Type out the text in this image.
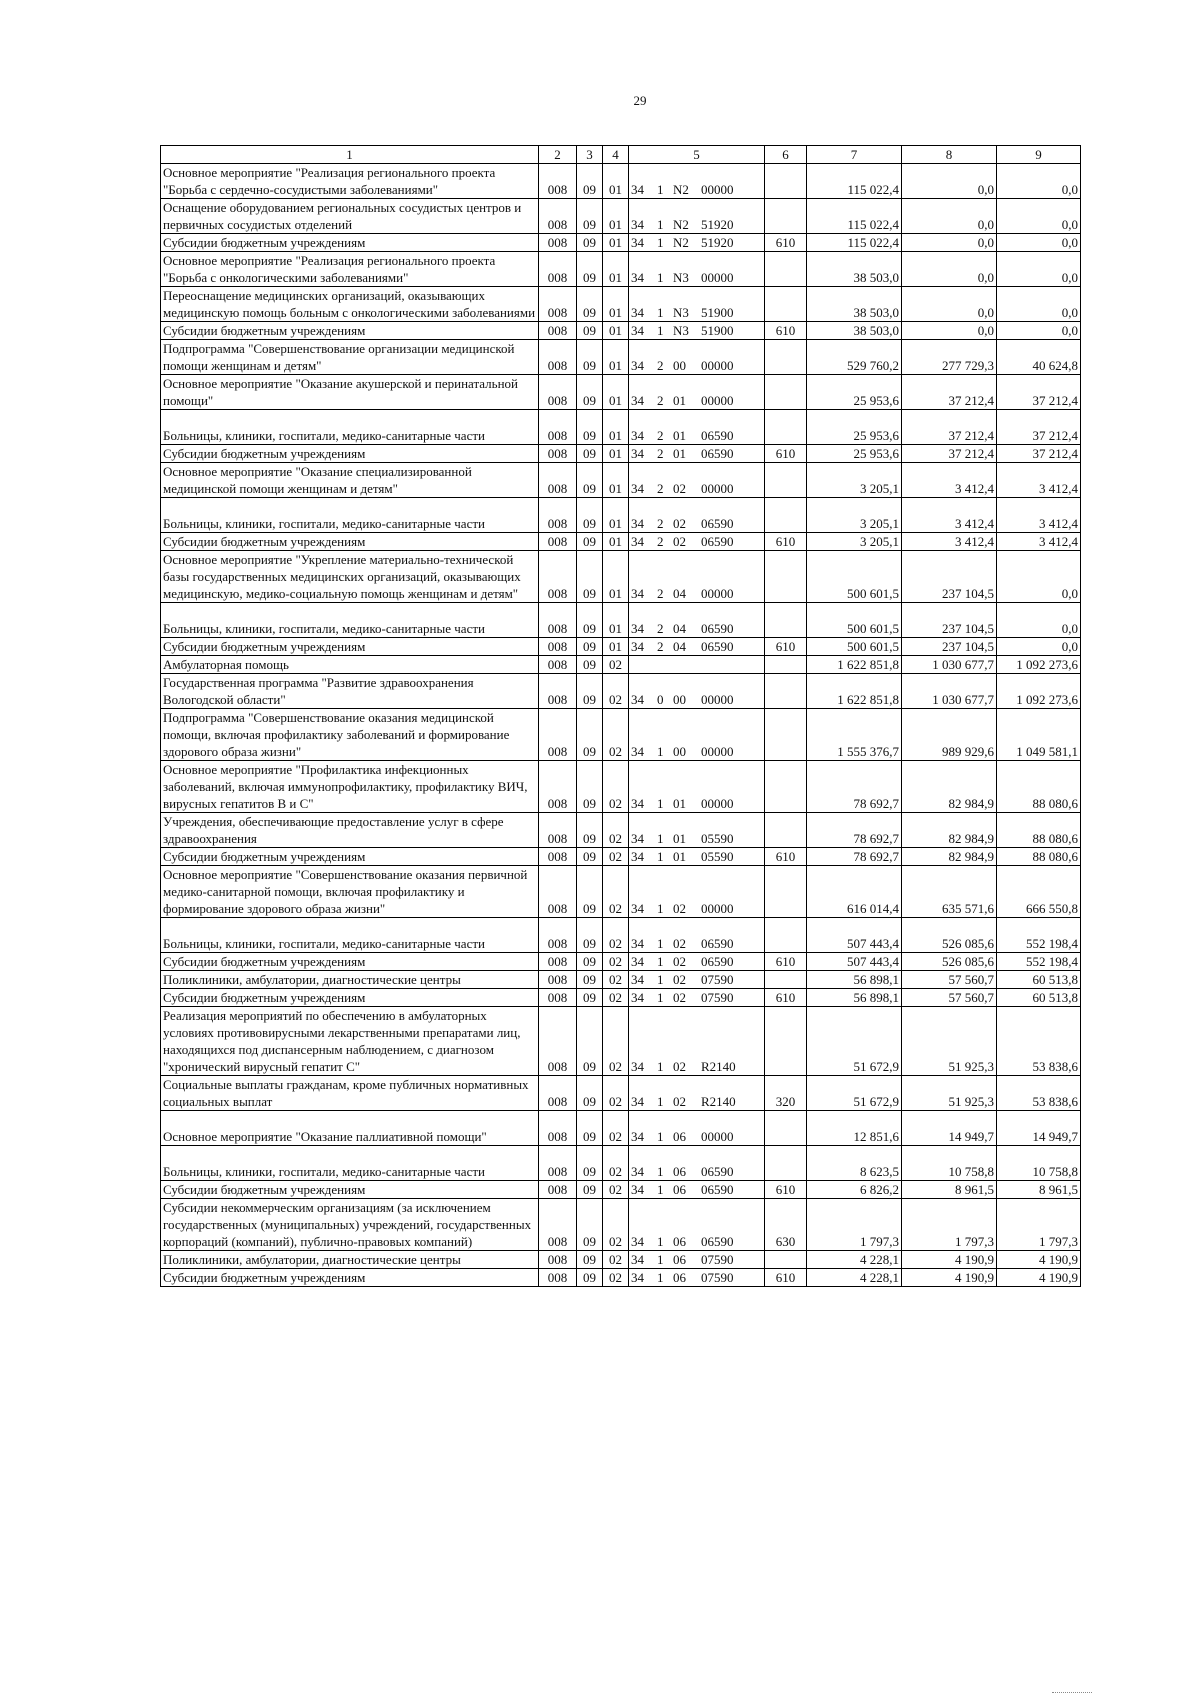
29
1	2	3	4	5	6	7	8	9
Основное мероприятие "Реализация регионального проекта "Борьба с сердечно-сосудистыми заболеваниями"	008	09	01	34 1 N2 00000		115 022,4	0,0	0,0
Оснащение оборудованием региональных сосудистых центров и первичных сосудистых отделений	008	09	01	34 1 N2 51920		115 022,4	0,0	0,0
Субсидии бюджетным учреждениям	008	09	01	34 1 N2 51920	610	115 022,4	0,0	0,0
Основное мероприятие "Реализация регионального проекта "Борьба с онкологическими заболеваниями"	008	09	01	34 1 N3 00000		38 503,0	0,0	0,0
Переоснащение медицинских организаций, оказывающих медицинскую помощь больным с онкологическими заболеваниями	008	09	01	34 1 N3 51900		38 503,0	0,0	0,0
Субсидии бюджетным учреждениям	008	09	01	34 1 N3 51900	610	38 503,0	0,0	0,0
Подпрограмма "Совершенствование организации медицинской помощи женщинам и детям"	008	09	01	34 2 00 00000		529 760,2	277 729,3	40 624,8
Основное мероприятие "Оказание акушерской и перинатальной помощи"	008	09	01	34 2 01 00000		25 953,6	37 212,4	37 212,4
Больницы, клиники, госпитали, медико-санитарные части	008	09	01	34 2 01 06590		25 953,6	37 212,4	37 212,4
Субсидии бюджетным учреждениям	008	09	01	34 2 01 06590	610	25 953,6	37 212,4	37 212,4
Основное мероприятие "Оказание специализированной медицинской помощи женщинам и детям"	008	09	01	34 2 02 00000		3 205,1	3 412,4	3 412,4
Больницы, клиники, госпитали, медико-санитарные части	008	09	01	34 2 02 06590		3 205,1	3 412,4	3 412,4
Субсидии бюджетным учреждениям	008	09	01	34 2 02 06590	610	3 205,1	3 412,4	3 412,4
Основное мероприятие "Укрепление материально-технической базы государственных медицинских организаций, оказывающих медицинскую, медико-социальную помощь женщинам и детям"	008	09	01	34 2 04 00000		500 601,5	237 104,5	0,0
Больницы, клиники, госпитали, медико-санитарные части	008	09	01	34 2 04 06590		500 601,5	237 104,5	0,0
Субсидии бюджетным учреждениям	008	09	01	34 2 04 06590	610	500 601,5	237 104,5	0,0
Амбулаторная помощь	008	09	02			1 622 851,8	1 030 677,7	1 092 273,6
Государственная программа "Развитие здравоохранения Вологодской области"	008	09	02	34 0 00 00000		1 622 851,8	1 030 677,7	1 092 273,6
Подпрограмма "Совершенствование оказания медицинской помощи, включая профилактику заболеваний и формирование здорового образа жизни"	008	09	02	34 1 00 00000		1 555 376,7	989 929,6	1 049 581,1
Основное мероприятие "Профилактика инфекционных заболеваний, включая иммунопрофилактику, профилактику ВИЧ, вирусных гепатитов В и С"	008	09	02	34 1 01 00000		78 692,7	82 984,9	88 080,6
Учреждения, обеспечивающие предоставление услуг в сфере здравоохранения	008	09	02	34 1 01 05590		78 692,7	82 984,9	88 080,6
Субсидии бюджетным учреждениям	008	09	02	34 1 01 05590	610	78 692,7	82 984,9	88 080,6
Основное мероприятие "Совершенствование оказания первичной медико-санитарной помощи, включая профилактику и формирование здорового образа жизни"	008	09	02	34 1 02 00000		616 014,4	635 571,6	666 550,8
Больницы, клиники, госпитали, медико-санитарные части	008	09	02	34 1 02 06590		507 443,4	526 085,6	552 198,4
Субсидии бюджетным учреждениям	008	09	02	34 1 02 06590	610	507 443,4	526 085,6	552 198,4
Поликлиники, амбулатории, диагностические центры	008	09	02	34 1 02 07590		56 898,1	57 560,7	60 513,8
Субсидии бюджетным учреждениям	008	09	02	34 1 02 07590	610	56 898,1	57 560,7	60 513,8
Реализация мероприятий по обеспечению в амбулаторных условиях противовирусными лекарственными препаратами лиц, находящихся под диспансерным наблюдением, с диагнозом "хронический вирусный гепатит С"	008	09	02	34 1 02 R2140		51 672,9	51 925,3	53 838,6
Социальные выплаты гражданам, кроме публичных нормативных социальных выплат	008	09	02	34 1 02 R2140	320	51 672,9	51 925,3	53 838,6
Основное мероприятие "Оказание паллиативной помощи"	008	09	02	34 1 06 00000		12 851,6	14 949,7	14 949,7
Больницы, клиники, госпитали, медико-санитарные части	008	09	02	34 1 06 06590		8 623,5	10 758,8	10 758,8
Субсидии бюджетным учреждениям	008	09	02	34 1 06 06590	610	6 826,2	8 961,5	8 961,5
Субсидии некоммерческим организациям (за исключением государственных (муниципальных) учреждений, государственных корпораций (компаний), публично-правовых компаний)	008	09	02	34 1 06 06590	630	1 797,3	1 797,3	1 797,3
Поликлиники, амбулатории, диагностические центры	008	09	02	34 1 06 07590		4 228,1	4 190,9	4 190,9
Субсидии бюджетным учреждениям	008	09	02	34 1 06 07590	610	4 228,1	4 190,9	4 190,9
